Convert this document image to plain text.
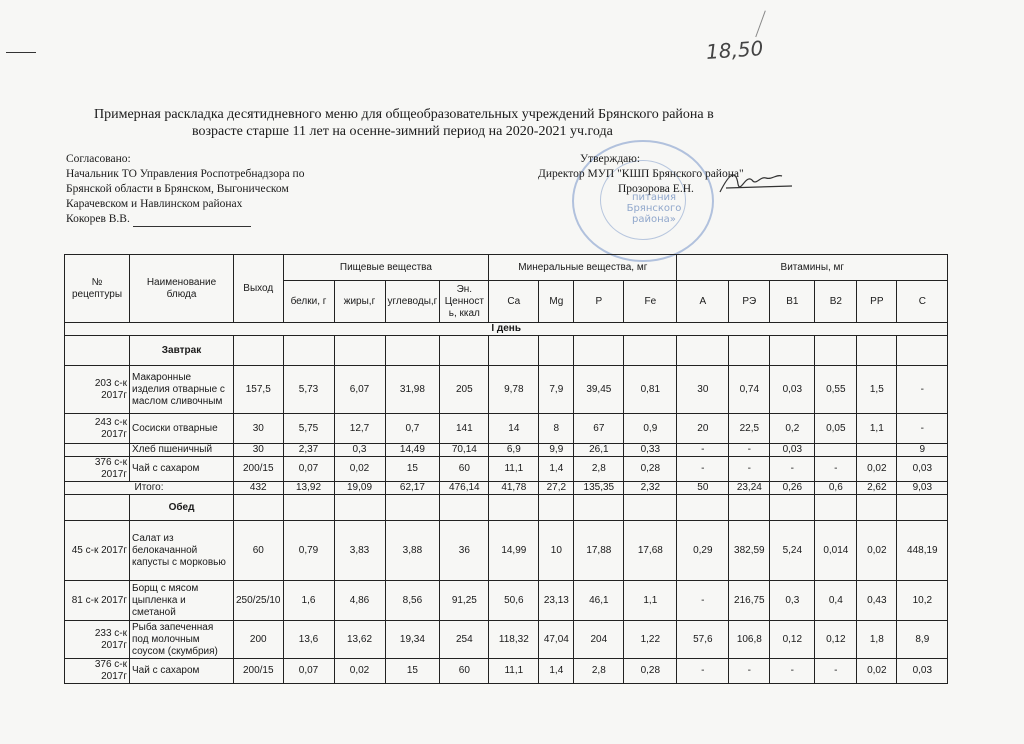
18,50
Примерная раскладка десятидневного меню для общеобразовательных учреждений Брянского района в
возрасте старше 11 лет на осенне-зимний период на 2020-2021 уч.года
Согласовано:
Начальник ТО Управления Роспотребнадзора по
Брянской области в Брянском, Выгоническом
Карачевском и Навлинском районах
Кокорев В.В.
питания Брянского района»
Утверждаю:
Директор МУП "КШП Брянского района"
Прозорова Е.Н.
№ рецептуры	Наименование блюда	Выход	Пищевые вещества				Минеральные вещества, мг				Витамины, мг					
			белки, г	жиры,г	углеводы,г	Эн. Ценност ь, ккал	Ca	Mg	P	Fe	A	РЭ	B1	B2	PP	C
I день																
	Завтрак															
203 с-к 2017г	Макаронные изделия отварные с маслом сливочным	157,5	5,73	6,07	31,98	205	9,78	7,9	39,45	0,81	30	0,74	0,03	0,55	1,5	-
243 с-к 2017г	Сосиски отварные	30	5,75	12,7	0,7	141	14	8	67	0,9	20	22,5	0,2	0,05	1,1	-
	Хлеб пшеничный	30	2,37	0,3	14,49	70,14	6,9	9,9	26,1	0,33	-	-	0,03			9
376 с-к 2017г	Чай с сахаром	200/15	0,07	0,02	15	60	11,1	1,4	2,8	0,28	-	-	-	-	0,02	0,03
Итого:		432	13,92	19,09	62,17	476,14	41,78	27,2	135,35	2,32	50	23,24	0,26	0,6	2,62	9,03
	Обед															
45 с-к 2017г	Салат из белокачанной капусты с морковью	60	0,79	3,83	3,88	36	14,99	10	17,88	17,68	0,29	382,59	5,24	0,014	0,02	448,19
81 с-к 2017г	Борщ с мясом цыпленка и сметаной	250/25/10	1,6	4,86	8,56	91,25	50,6	23,13	46,1	1,1	-	216,75	0,3	0,4	0,43	10,2
233 с-к 2017г	Рыба запеченная под молочным соусом (скумбрия)	200	13,6	13,62	19,34	254	118,32	47,04	204	1,22	57,6	106,8	0,12	0,12	1,8	8,9
376 с-к 2017г	Чай с сахаром	200/15	0,07	0,02	15	60	11,1	1,4	2,8	0,28	-	-	-	-	0,02	0,03
